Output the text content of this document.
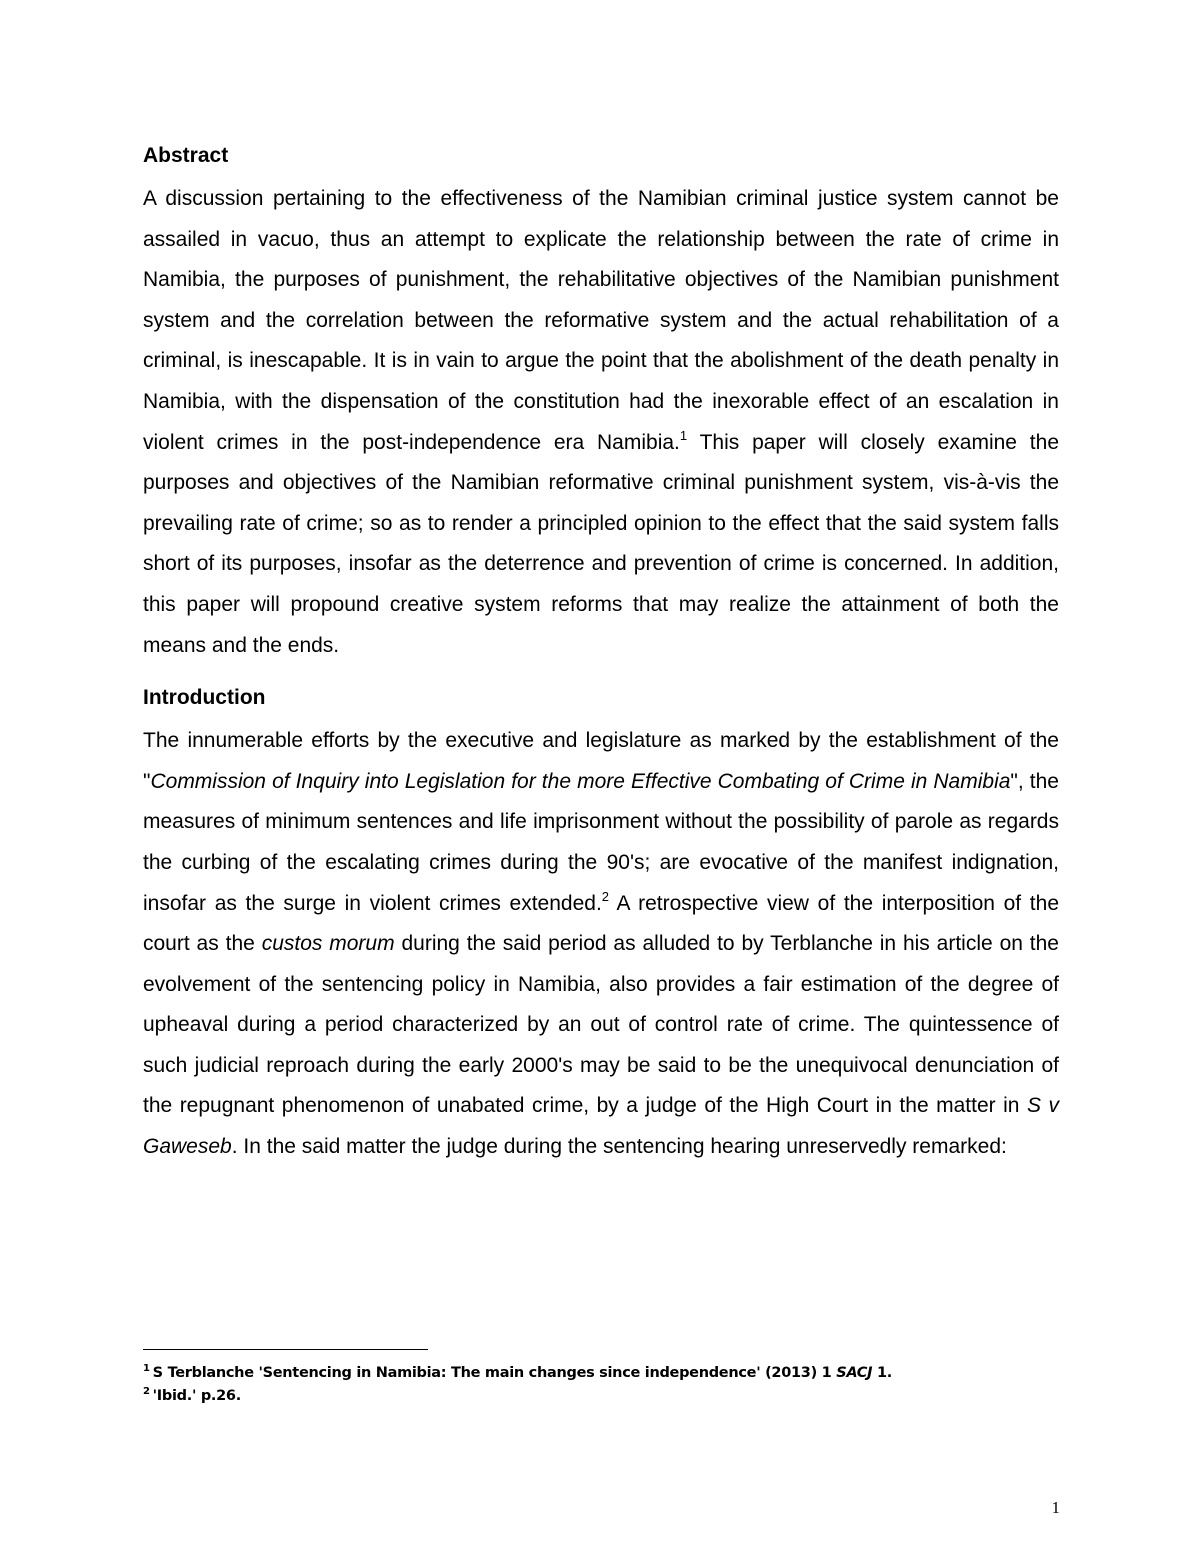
Abstract

A discussion pertaining to the effectiveness of the Namibian criminal justice system cannot be assailed in vacuo, thus an attempt to explicate the relationship between the rate of crime in Namibia, the purposes of punishment, the rehabilitative objectives of the Namibian punishment system and the correlation between the reformative system and the actual rehabilitation of a criminal, is inescapable. It is in vain to argue the point that the abolishment of the death penalty in Namibia, with the dispensation of the constitution had the inexorable effect of an escalation in violent crimes in the post-independence era Namibia.$^1$ This paper will closely examine the purposes and objectives of the Namibian reformative criminal punishment system, vis-à-vis the prevailing rate of crime; so as to render a principled opinion to the effect that the said system falls short of its purposes, insofar as the deterrence and prevention of crime is concerned. In addition, this paper will propound creative system reforms that may realize the attainment of both the means and the ends.

Introduction

The innumerable efforts by the executive and legislature as marked by the establishment of the "Commission of Inquiry into Legislation for the more Effective Combating of Crime in Namibia", the measures of minimum sentences and life imprisonment without the possibility of parole as regards the curbing of the escalating crimes during the 90's; are evocative of the manifest indignation, insofar as the surge in violent crimes extended.$^2$ A retrospective view of the interposition of the court as the custos morum during the said period as alluded to by Terblanche in his article on the evolvement of the sentencing policy in Namibia, also provides a fair estimation of the degree of upheaval during a period characterized by an out of control rate of crime. The quintessence of such judicial reproach during the early 2000's may be said to be the unequivocal denunciation of the repugnant phenomenon of unabated crime, by a judge of the High Court in the matter in S v Gaweseb. In the said matter the judge during the sentencing hearing unreservedly remarked:

$^1$ S Terblanche 'Sentencing in Namibia: The main changes since independence' (2013) 1 SACJ 1.
$^2$ 'Ibid.' p.26.
1
